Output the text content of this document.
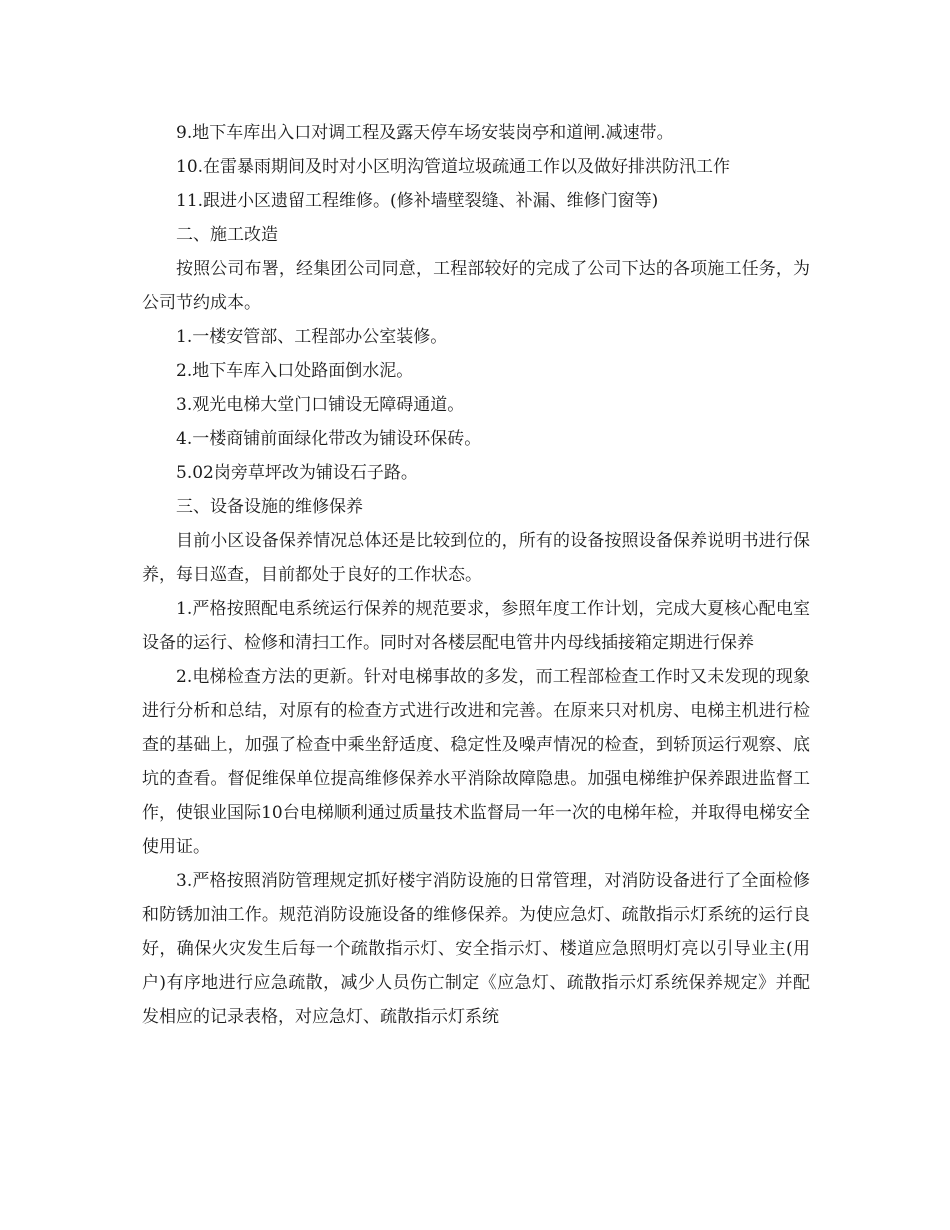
9.地下车库出入口对调工程及露天停车场安装岗亭和道闸.减速带。

10.在雷暴雨期间及时对小区明沟管道垃圾疏通工作以及做好排洪防汛工作

11.跟进小区遗留工程维修。(修补墙壁裂缝、补漏、维修门窗等)

二、施工改造

按照公司布署，经集团公司同意，工程部较好的完成了公司下达的各项施工任务，为公司节约成本。

1.一楼安管部、工程部办公室装修。

2.地下车库入口处路面倒水泥。

3.观光电梯大堂门口铺设无障碍通道。

4.一楼商铺前面绿化带改为铺设环保砖。

5.02岗旁草坪改为铺设石子路。

三、设备设施的维修保养

目前小区设备保养情况总体还是比较到位的，所有的设备按照设备保养说明书进行保养，每日巡查，目前都处于良好的工作状态。

1.严格按照配电系统运行保养的规范要求，参照年度工作计划，完成大夏核心配电室设备的运行、检修和清扫工作。同时对各楼层配电管井内母线插接箱定期进行保养

2.电梯检查方法的更新。针对电梯事故的多发，而工程部检查工作时又未发现的现象进行分析和总结，对原有的检查方式进行改进和完善。在原来只对机房、电梯主机进行检查的基础上，加强了检查中乘坐舒适度、稳定性及噪声情况的检查，到轿顶运行观察、底坑的查看。督促维保单位提高维修保养水平消除故障隐患。加强电梯维护保养跟进监督工作，使银业国际10台电梯顺利通过质量技术监督局一年一次的电梯年检，并取得电梯安全使用证。

3.严格按照消防管理规定抓好楼宇消防设施的日常管理，对消防设备进行了全面检修和防锈加油工作。规范消防设施设备的维修保养。为使应急灯、疏散指示灯系统的运行良好，确保火灾发生后每一个疏散指示灯、安全指示灯、楼道应急照明灯亮以引导业主(用户)有序地进行应急疏散，减少人员伤亡制定《应急灯、疏散指示灯系统保养规定》并配发相应的记录表格，对应急灯、疏散指示灯系统
